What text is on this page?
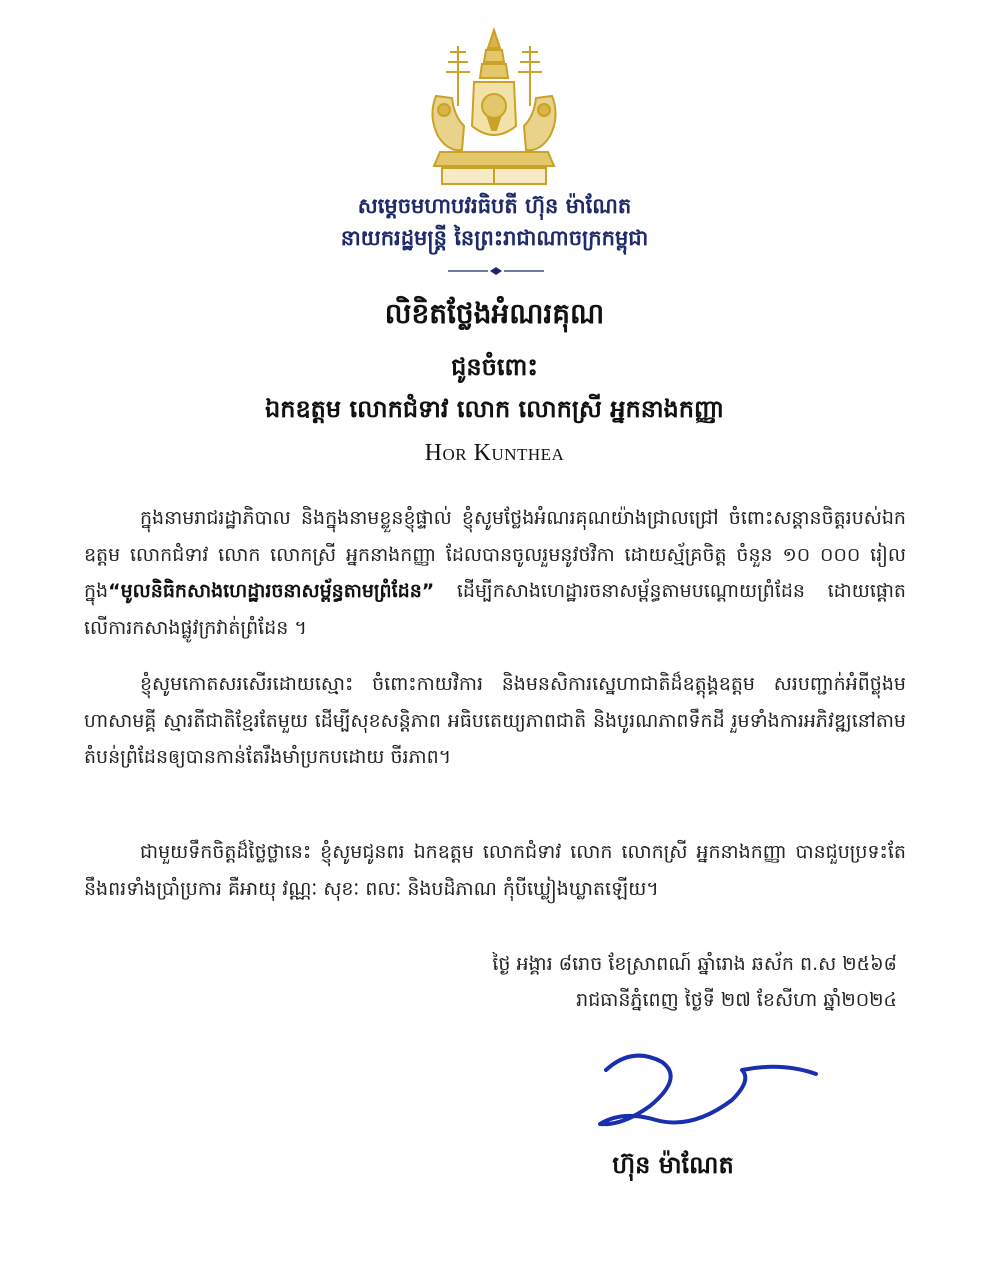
សម្ដេចមហាបវរធិបតី ហ៊ុន ម៉ាណែត
នាយករដ្ឋមន្ត្រី នៃព្រះរាជាណាចក្រកម្ពុជា
លិខិតថ្លែងអំណរគុណ
ជូនចំពោះ
ឯកឧត្តម លោកជំទាវ លោក លោកស្រី អ្នកនាងកញ្ញា
Hor Kunthea
ក្នុងនាមរាជរដ្ឋាភិបាល និងក្នុងនាមខ្លួនខ្ញុំផ្ទាល់ ខ្ញុំសូមថ្លែងអំណរគុណយ៉ាងជ្រាលជ្រៅ ចំពោះសន្តានចិត្តរបស់ឯកឧត្តម លោកជំទាវ លោក លោកស្រី អ្នកនាងកញ្ញា ដែលបានចូលរួមនូវថវិកា ដោយស្ម័គ្រចិត្ត ចំនួន ១០ ០០០ រៀលក្នុង“មូលនិធិកសាងហេដ្ឋារចនាសម្ព័ន្ធតាមព្រំដែន” ដើម្បីកសាងហេដ្ឋារចនាសម្ព័ន្ធតាមបណ្ដោយព្រំដែន ដោយផ្ដោតលើការកសាងផ្លូវក្រវាត់ព្រំដែន ។
ខ្ញុំសូមកោតសរសើរដោយស្មោះ ចំពោះកាយវិការ និងមនសិការស្នេហាជាតិដ៏ឧត្តុង្គឧត្តម សរបញ្ជាក់អំពីថ្លុងមហាសាមគ្គី ស្មារតីជាតិខ្មែរតែមួយ ដើម្បីសុខសន្តិភាព អធិបតេយ្យភាពជាតិ និងបូរណភាពទឹកដី រួមទាំងការអភិវឌ្ឍនៅតាមតំបន់ព្រំដែនឲ្យបានកាន់តែរឹងមាំប្រកបដោយ ចីរភាព។
ជាមួយទឹកចិត្តដ៏ថ្លៃថ្លានេះ ខ្ញុំសូមជូនពរ ឯកឧត្តម លោកជំទាវ លោក លោកស្រី អ្នកនាងកញ្ញា បានជួបប្រទះតែនឹងពរទាំងប្រាំប្រការ គឺអាយុ វណ្ណៈ សុខៈ ពលៈ និងបដិភាណ កុំបីឃ្លៀងឃ្លាតឡើយ។
ថ្ងៃ អង្គារ ៨រោច ខែស្រាពណ៍ ឆ្នាំរោង ឆស័ក ព.ស ២៥៦៨
រាជធានីភ្នំពេញ ថ្ងៃទី ២៧ ខែសីហា ឆ្នាំ២០២៤
ហ៊ុន ម៉ាណែត
